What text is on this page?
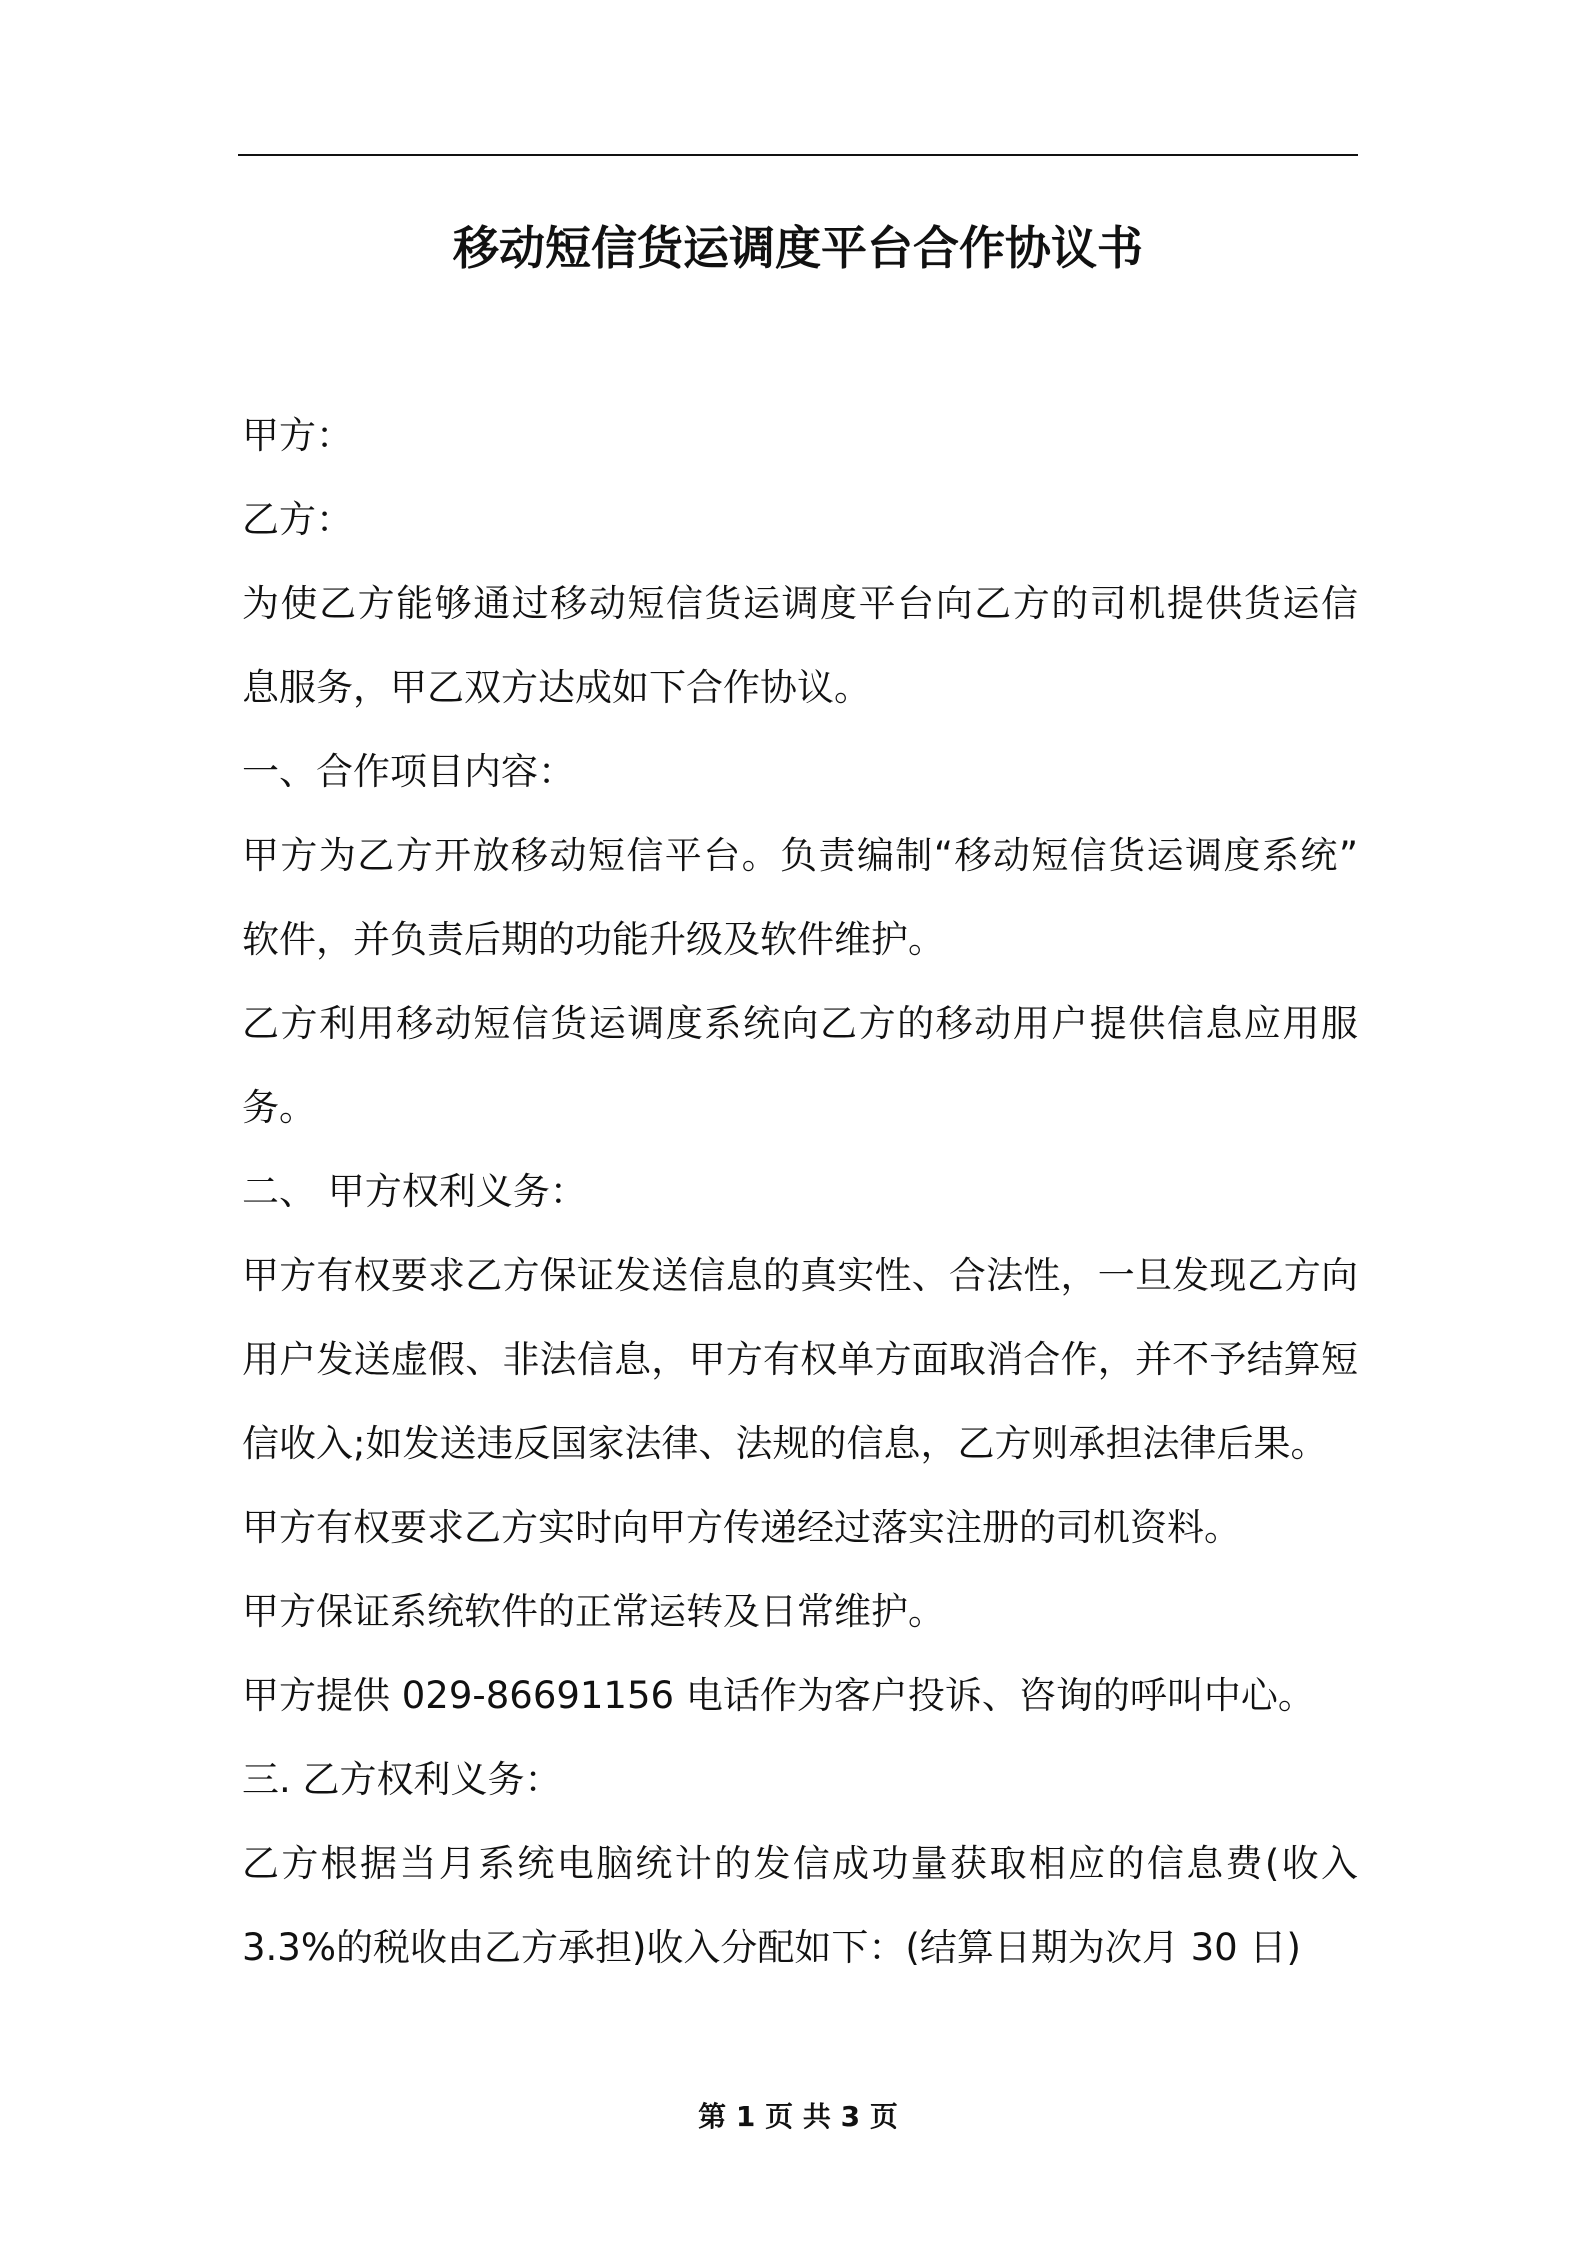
移动短信货运调度平台合作协议书
甲方：
乙方：
为使乙方能够通过移动短信货运调度平台向乙方的司机提供货运信
息服务，甲乙双方达成如下合作协议。
一、合作项目内容：
甲方为乙方开放移动短信平台。负责编制“移动短信货运调度系统”
软件，并负责后期的功能升级及软件维护。
乙方利用移动短信货运调度系统向乙方的移动用户提供信息应用服
务。
二、 甲方权利义务：
甲方有权要求乙方保证发送信息的真实性、合法性，一旦发现乙方向
用户发送虚假、非法信息，甲方有权单方面取消合作，并不予结算短
信收入;如发送违反国家法律、法规的信息，乙方则承担法律后果。
甲方有权要求乙方实时向甲方传递经过落实注册的司机资料。
甲方保证系统软件的正常运转及日常维护。
甲方提供 029-86691156 电话作为客户投诉、咨询的呼叫中心。
三. 乙方权利义务：
乙方根据当月系统电脑统计的发信成功量获取相应的信息费(收入
3.3%的税收由乙方承担)收入分配如下：(结算日期为次月 30 日)
第 1 页 共 3 页
